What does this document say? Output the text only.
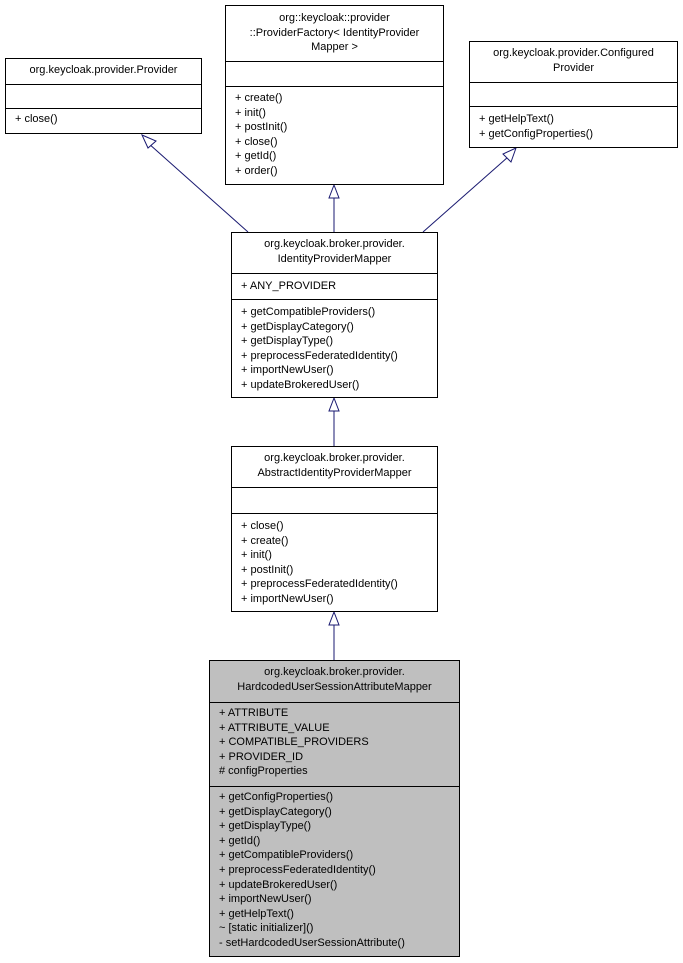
org.keycloak.provider.Provider
+ close()
org::keycloak::provider
::ProviderFactory< IdentityProvider
Mapper >
+ create()
+ init()
+ postInit()
+ close()
+ getId()
+ order()
org.keycloak.provider.Configured
Provider
+ getHelpText()
+ getConfigProperties()
org.keycloak.broker.provider.
IdentityProviderMapper
+ ANY_PROVIDER
+ getCompatibleProviders()
+ getDisplayCategory()
+ getDisplayType()
+ preprocessFederatedIdentity()
+ importNewUser()
+ updateBrokeredUser()
org.keycloak.broker.provider.
AbstractIdentityProviderMapper
+ close()
+ create()
+ init()
+ postInit()
+ preprocessFederatedIdentity()
+ importNewUser()
org.keycloak.broker.provider.
HardcodedUserSessionAttributeMapper
+ ATTRIBUTE
+ ATTRIBUTE_VALUE
+ COMPATIBLE_PROVIDERS
+ PROVIDER_ID
# configProperties
+ getConfigProperties()
+ getDisplayCategory()
+ getDisplayType()
+ getId()
+ getCompatibleProviders()
+ preprocessFederatedIdentity()
+ updateBrokeredUser()
+ importNewUser()
+ getHelpText()
~ [static initializer]()
- setHardcodedUserSessionAttribute()
